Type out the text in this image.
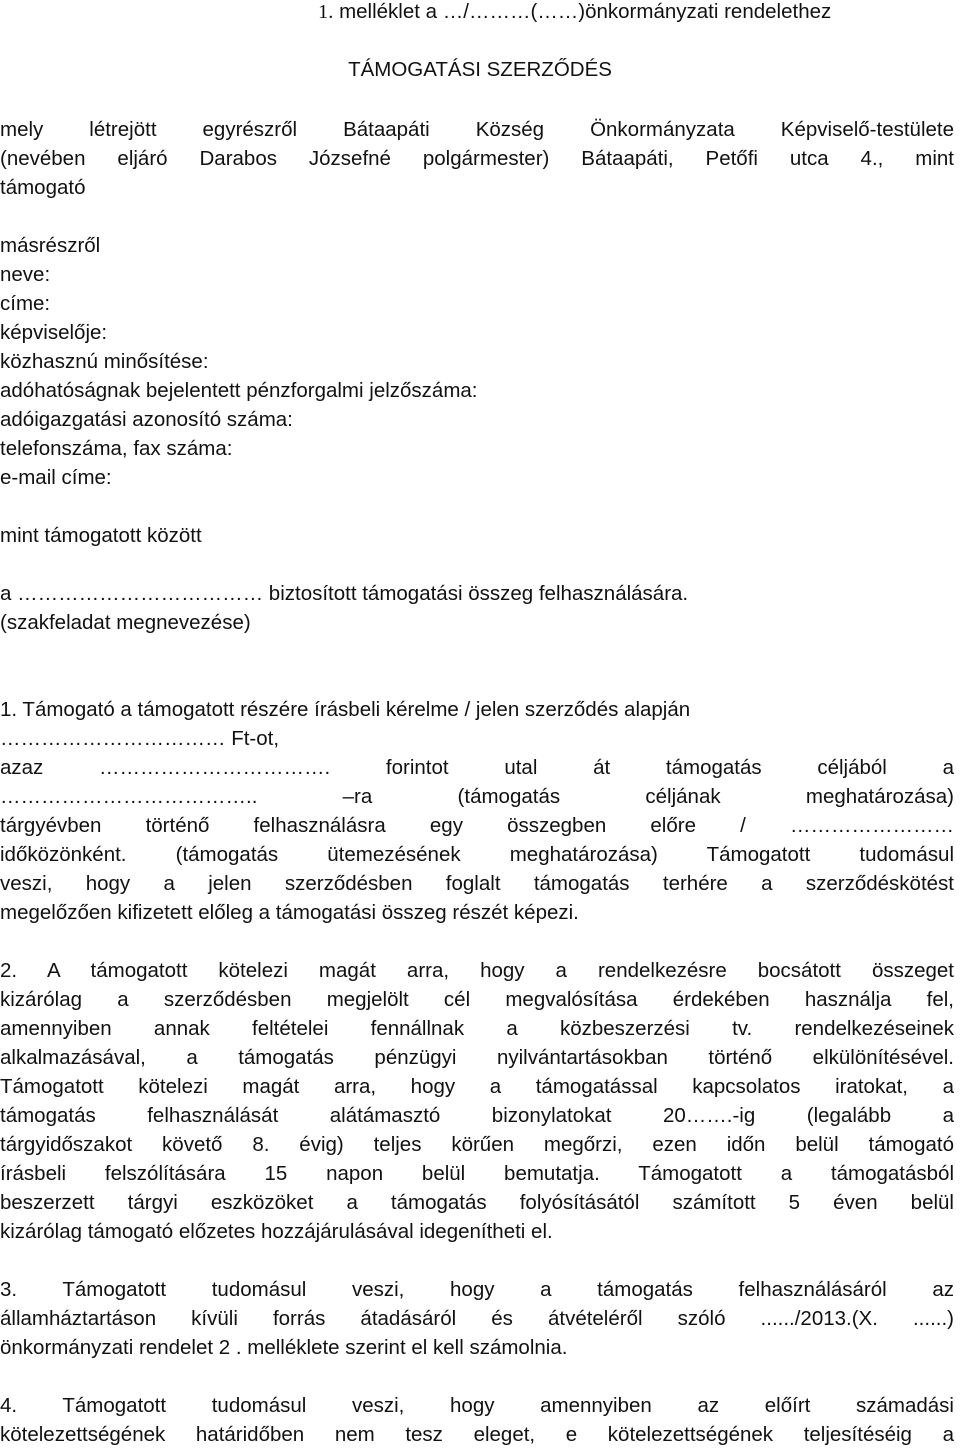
1. melléklet a …/………(……)önkormányzati rendelethez
TÁMOGATÁSI SZERZŐDÉS
mely létrejött egyrészről Bátaapáti Község Önkormányzata Képviselő-testülete
(nevében eljáró Darabos Józsefné polgármester) Bátaapáti, Petőfi utca 4., mint
támogató
másrészről
neve:
címe:
képviselője:
közhasznú minősítése:
adóhatóságnak bejelentett pénzforgalmi jelzőszáma:
adóigazgatási azonosító száma:
telefonszáma, fax száma:
e-mail címe:
mint támogatott között
a ……………………………… biztosított támogatási összeg felhasználására.
(szakfeladat megnevezése)
1. Támogató a támogatott részére írásbeli kérelme / jelen szerződés alapján
…………………………… Ft-ot,
azaz ……………………………. forintot utal át támogatás céljából a
……………………………….. –ra (támogatás céljának meghatározása)
tárgyévben történő felhasználásra egy összegben előre / ……………………
időközönként. (támogatás ütemezésének meghatározása) Támogatott tudomásul
veszi, hogy a jelen szerződésben foglalt támogatás terhére a szerződéskötést
megelőzően kifizetett előleg a támogatási összeg részét képezi.
2. A támogatott kötelezi magát arra, hogy a rendelkezésre bocsátott összeget
kizárólag a szerződésben megjelölt cél megvalósítása érdekében használja fel,
amennyiben annak feltételei fennállnak a közbeszerzési tv. rendelkezéseinek
alkalmazásával, a támogatás pénzügyi nyilvántartásokban történő elkülönítésével.
Támogatott kötelezi magát arra, hogy a támogatással kapcsolatos iratokat, a
támogatás felhasználását alátámasztó bizonylatokat 20…….-ig (legalább a
tárgyidőszakot követő 8. évig) teljes körűen megőrzi, ezen időn belül támogató
írásbeli felszólítására 15 napon belül bemutatja. Támogatott a támogatásból
beszerzett tárgyi eszközöket a támogatás folyósításától számított 5 éven belül
kizárólag támogató előzetes hozzájárulásával idegenítheti el.
3. Támogatott tudomásul veszi, hogy a támogatás felhasználásáról az
államháztartáson kívüli forrás átadásáról és átvételéről szóló ....../2013.(X. ......)
önkormányzati rendelet 2 . melléklete szerint el kell számolnia.
4. Támogatott tudomásul veszi, hogy amennyiben az előírt számadási
kötelezettségének határidőben nem tesz eleget, e kötelezettségének teljesítéséig a
